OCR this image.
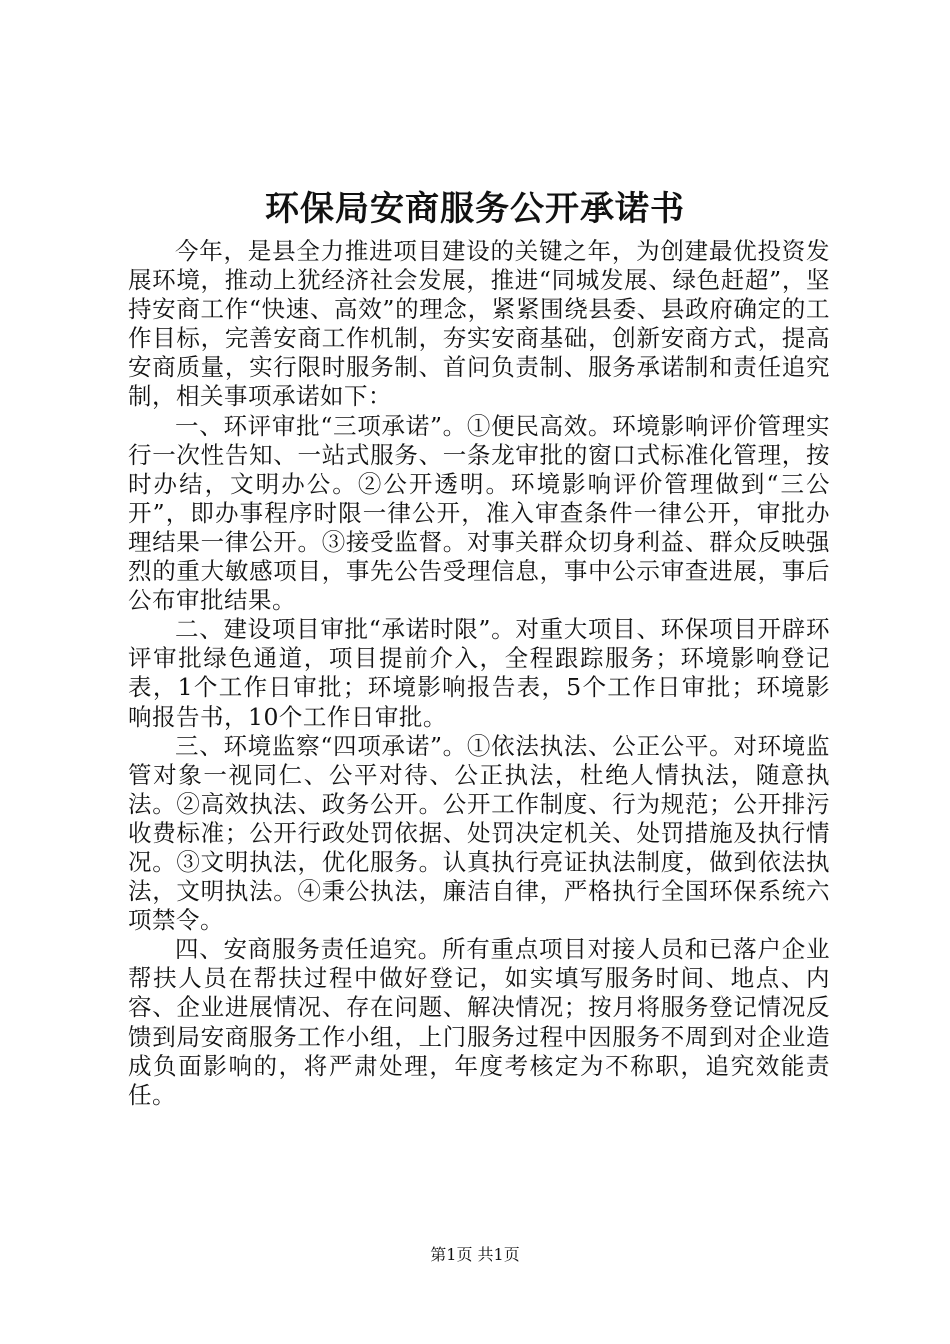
环保局安商服务公开承诺书

今年，是县全力推进项目建设的关键之年，为创建最优投资发展环境，推动上犹经济社会发展，推进“同城发展、绿色赶超”，坚持安商工作“快速、高效”的理念，紧紧围绕县委、县政府确定的工作目标，完善安商工作机制，夯实安商基础，创新安商方式，提高安商质量，实行限时服务制、首问负责制、服务承诺制和责任追究制，相关事项承诺如下：

一、环评审批“三项承诺”。①便民高效。环境影响评价管理实行一次性告知、一站式服务、一条龙审批的窗口式标准化管理，按时办结，文明办公。②公开透明。环境影响评价管理做到“三公开”，即办事程序时限一律公开，准入审查条件一律公开，审批办理结果一律公开。③接受监督。对事关群众切身利益、群众反映强烈的重大敏感项目，事先公告受理信息，事中公示审查进展，事后公布审批结果。

二、建设项目审批“承诺时限”。对重大项目、环保项目开辟环评审批绿色通道，项目提前介入，全程跟踪服务；环境影响登记表，1个工作日审批；环境影响报告表，5个工作日审批；环境影响报告书，10个工作日审批。

三、环境监察“四项承诺”。①依法执法、公正公平。对环境监管对象一视同仁、公平对待、公正执法，杜绝人情执法，随意执法。②高效执法、政务公开。公开工作制度、行为规范；公开排污收费标准；公开行政处罚依据、处罚决定机关、处罚措施及执行情况。③文明执法，优化服务。认真执行亮证执法制度，做到依法执法，文明执法。④秉公执法，廉洁自律，严格执行全国环保系统六项禁令。

四、安商服务责任追究。所有重点项目对接人员和已落户企业帮扶人员在帮扶过程中做好登记，如实填写服务时间、地点、内容、企业进展情况、存在问题、解决情况；按月将服务登记情况反馈到局安商服务工作小组，上门服务过程中因服务不周到对企业造成负面影响的，将严肃处理，年度考核定为不称职，追究效能责任。

第1页 共1页
